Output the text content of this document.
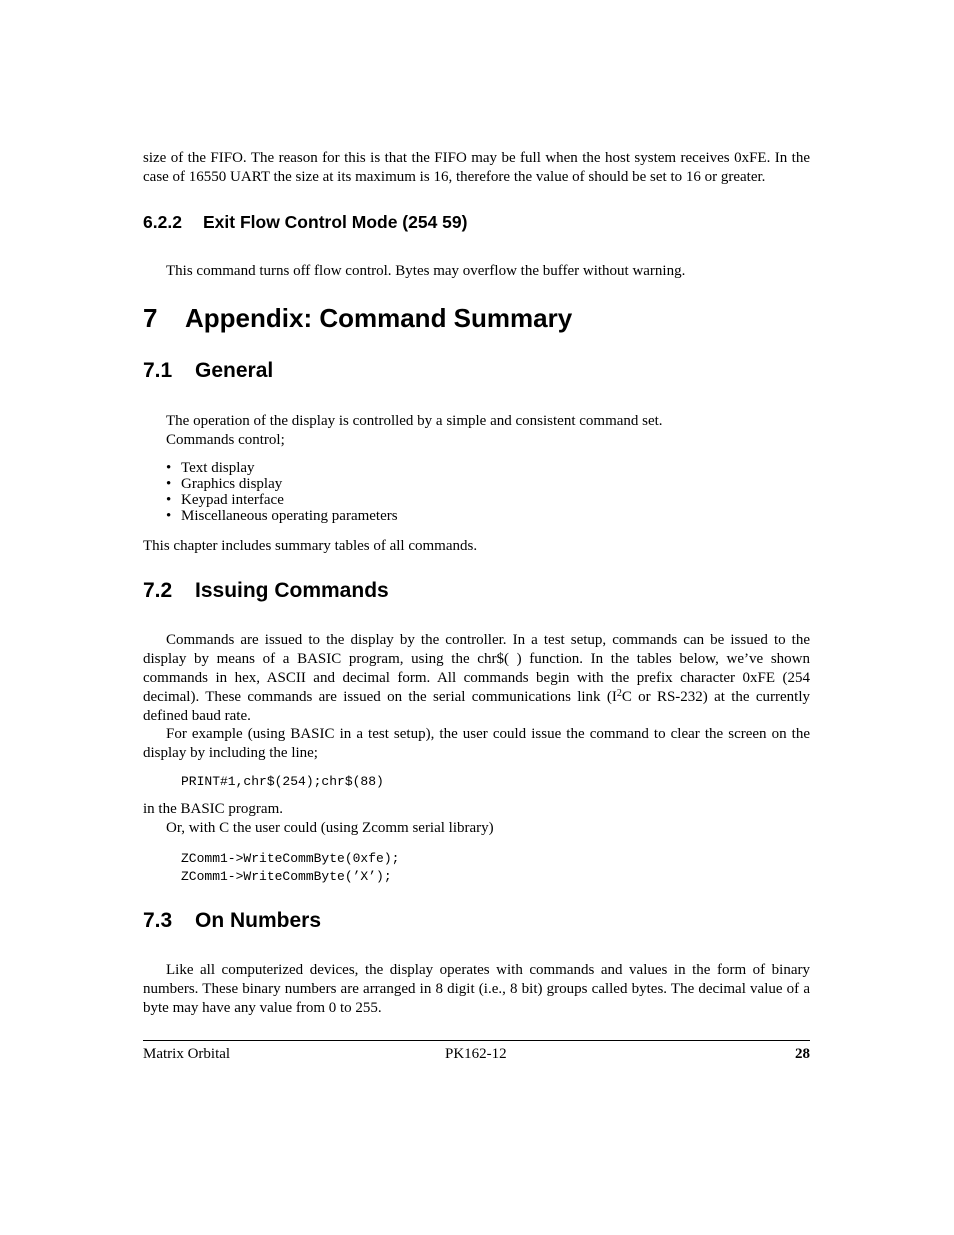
size of the FIFO. The reason for this is that the FIFO may be full when the host system receives 0xFE. In the case of 16550 UART the size at its maximum is 16, therefore the value of should be set to 16 or greater.

6.2.2 Exit Flow Control Mode (254 59)

This command turns off flow control. Bytes may overflow the buffer without warning.

7 Appendix: Command Summary
7.1 General

The operation of the display is controlled by a simple and consistent command set.

Commands control;

• Text display
• Graphics display
• Keypad interface
• Miscellaneous operating parameters

This chapter includes summary tables of all commands.

7.2 Issuing Commands

Commands are issued to the display by the controller. In a test setup, commands can be issued to the display by means of a BASIC program, using the chr$( ) function. In the tables below, we’ve shown commands in hex, ASCII and decimal form. All commands begin with the prefix character 0xFE (254 decimal). These commands are issued on the serial communications link ($I^2C$ or RS-232) at the currently defined baud rate.

For example (using BASIC in a test setup), the user could issue the command to clear the screen on the display by including the line;

PRINT#1,chr$(254);chr$(88)

in the BASIC program.

Or, with C the user could (using Zcomm serial library)

ZComm1->WriteCommByte(0xfe);
ZComm1->WriteCommByte(’X’);
7.3 On Numbers

Like all computerized devices, the display operates with commands and values in the form of binary numbers. These binary numbers are arranged in 8 digit (i.e., 8 bit) groups called bytes. The decimal value of a byte may have any value from 0 to 255.

Matrix Orbital	PK162-12	28
